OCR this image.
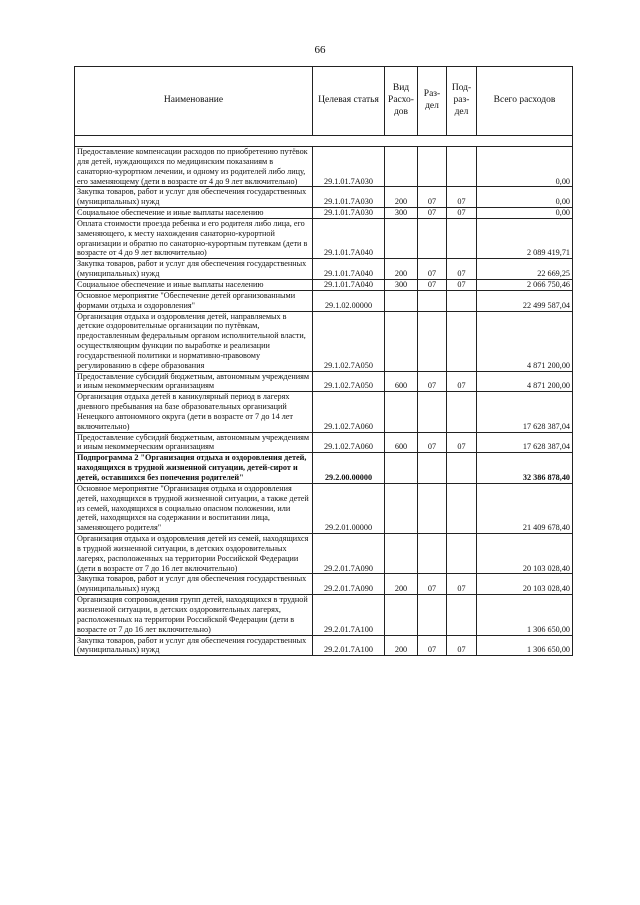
66
Наименование	Целевая статья	Вид Расхо-дов	Раз-дел	Под-раз-дел	Всего расходов

Предоставление компенсации расходов по приобретению путёвок для детей, нуждающихся по медицинским показаниям в санаторно-курортном лечении, и одному из родителей либо лицу, его заменяющему (дети в возрасте от 4 до 9 лет включительно)	29.1.01.7А030				0,00
Закупка товаров, работ и услуг для обеспечения государственных (муниципальных) нужд	29.1.01.7А030	200	07	07	0,00
Социальное обеспечение и иные выплаты населению	29.1.01.7А030	300	07	07	0,00
Оплата стоимости проезда ребенка и его родителя либо лица, его заменяющего, к месту нахождения санаторно-курортной организации и обратно по санаторно-курортным путевкам (дети в возрасте от 4 до 9 лет включительно)	29.1.01.7А040				2 089 419,71
Закупка товаров, работ и услуг для обеспечения государственных (муниципальных) нужд	29.1.01.7А040	200	07	07	22 669,25
Социальное обеспечение и иные выплаты населению	29.1.01.7А040	300	07	07	2 066 750,46
Основное мероприятие "Обеспечение детей организованными формами отдыха и оздоровления"	29.1.02.00000				22 499 587,04
Организация отдыха и оздоровления детей, направляемых в детские оздоровительные организации по путёвкам, предоставленным федеральным органом исполнительной власти, осуществляющим функции по выработке и реализации государственной политики и нормативно-правовому регулированию в сфере образования	29.1.02.7А050				4 871 200,00
Предоставление субсидий бюджетным, автономным учреждениям и иным некоммерческим организациям	29.1.02.7А050	600	07	07	4 871 200,00
Организация отдыха детей в каникулярный период в лагерях дневного пребывания на базе образовательных организаций Ненецкого автономного округа (дети в возрасте от 7 до 14 лет включительно)	29.1.02.7А060				17 628 387,04
Предоставление субсидий бюджетным, автономным учреждениям и иным некоммерческим организациям	29.1.02.7А060	600	07	07	17 628 387,04
Подпрограмма 2 "Организация отдыха и оздоровления детей, находящихся в трудной жизненной ситуации, детей-сирот и детей, оставшихся без попечения родителей"	29.2.00.00000				32 386 878,40
Основное мероприятие "Организация отдыха и оздоровления детей, находящихся в трудной жизненной ситуации, а также детей из семей, находящихся в социально опасном положении, или детей, находящихся на содержании и воспитании лица, заменяющего родителя"	29.2.01.00000				21 409 678,40
Организация отдыха и оздоровления детей из семей, находящихся в трудной жизненной ситуации, в детских оздоровительных лагерях, расположенных на территории Российской Федерации (дети в возрасте от 7 до 16 лет включительно)	29.2.01.7А090				20 103 028,40
Закупка товаров, работ и услуг для обеспечения государственных (муниципальных) нужд	29.2.01.7А090	200	07	07	20 103 028,40
Организация сопровождения групп детей, находящихся в трудной жизненной ситуации, в детских оздоровительных лагерях, расположенных на территории Российской Федерации (дети в возрасте от 7 до 16 лет включительно)	29.2.01.7А100				1 306 650,00
Закупка товаров, работ и услуг для обеспечения государственных (муниципальных) нужд	29.2.01.7А100	200	07	07	1 306 650,00
